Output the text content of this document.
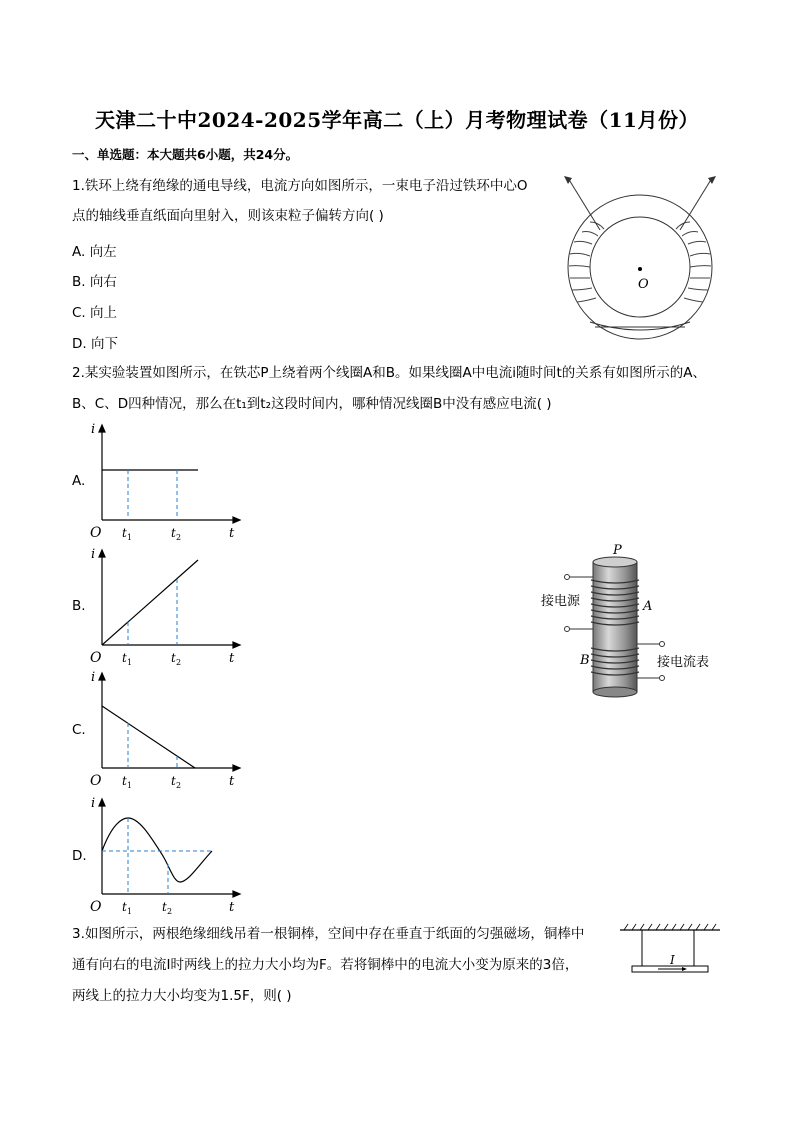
天津二十中2024-2025学年高二（上）月考物理试卷（11月份）
一、单选题：本大题共6小题，共24分。
1.铁环上绕有绝缘的通电导线，电流方向如图所示，一束电子沿过铁环中心O
点的轴线垂直纸面向里射入，则该束粒子偏转方向( )
A. 向左
B. 向右
C. 向上
D. 向下
O
2.某实验装置如图所示，在铁芯P上绕着两个线圈A和B。如果线圈A中电流i随时间t的关系有如图所示的A、
B、C、D四种情况，那么在t₁到t₂这段时间内，哪种情况线圈B中没有感应电流( )
A.
i
O t 1	t 2	t
B.
i
O t 1	t 2	t
C.
i
O t 1	t 2	t
D.
i
O t 1 t 2	t
P
A
B
接电源
接电流表
3.如图所示，两根绝缘细线吊着一根铜棒，空间中存在垂直于纸面的匀强磁场，铜棒中
通有向右的电流I时两线上的拉力大小均为F。若将铜棒中的电流大小变为原来的3倍，
两线上的拉力大小均变为1.5F，则( )
I
